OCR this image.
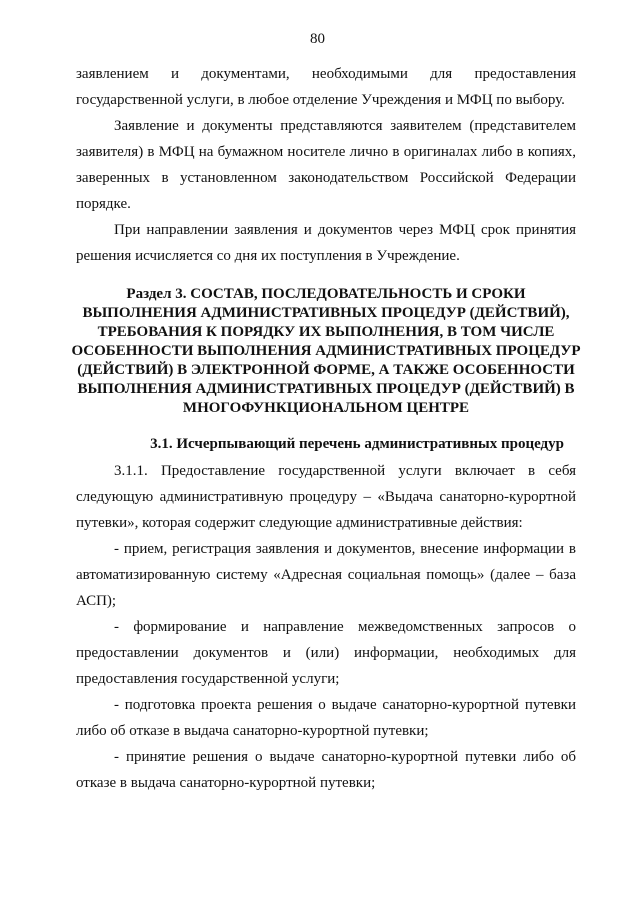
80

заявлением и документами, необходимыми для предоставления государственной услуги, в любое отделение Учреждения и МФЦ по выбору.

Заявление и документы представляются заявителем (представителем заявителя) в МФЦ на бумажном носителе лично в оригиналах либо в копиях, заверенных в установленном законодательством Российской Федерации порядке.

При направлении заявления и документов через МФЦ срок принятия решения исчисляется со дня их поступления в Учреждение.

Раздел 3. СОСТАВ, ПОСЛЕДОВАТЕЛЬНОСТЬ И СРОКИ ВЫПОЛНЕНИЯ АДМИНИСТРАТИВНЫХ ПРОЦЕДУР (ДЕЙСТВИЙ), ТРЕБОВАНИЯ К ПОРЯДКУ ИХ ВЫПОЛНЕНИЯ, В ТОМ ЧИСЛЕ ОСОБЕННОСТИ ВЫПОЛНЕНИЯ АДМИНИСТРАТИВНЫХ ПРОЦЕДУР (ДЕЙСТВИЙ) В ЭЛЕКТРОННОЙ ФОРМЕ, А ТАКЖЕ ОСОБЕННОСТИ ВЫПОЛНЕНИЯ АДМИНИСТРАТИВНЫХ ПРОЦЕДУР (ДЕЙСТВИЙ) В МНОГОФУНКЦИОНАЛЬНОМ ЦЕНТРЕ
3.1. Исчерпывающий перечень административных процедур

3.1.1. Предоставление государственной услуги включает в себя следующую административную процедуру – «Выдача санаторно-курортной путевки», которая содержит следующие административные действия:

- прием, регистрация заявления и документов, внесение информации в автоматизированную систему «Адресная социальная помощь» (далее – база АСП);

- формирование и направление межведомственных запросов о предоставлении документов и (или) информации, необходимых для предоставления государственной услуги;

- подготовка проекта решения о выдаче санаторно-курортной путевки либо об отказе в выдача санаторно-курортной путевки;

- принятие решения о выдаче санаторно-курортной путевки либо об отказе в выдача санаторно-курортной путевки;
